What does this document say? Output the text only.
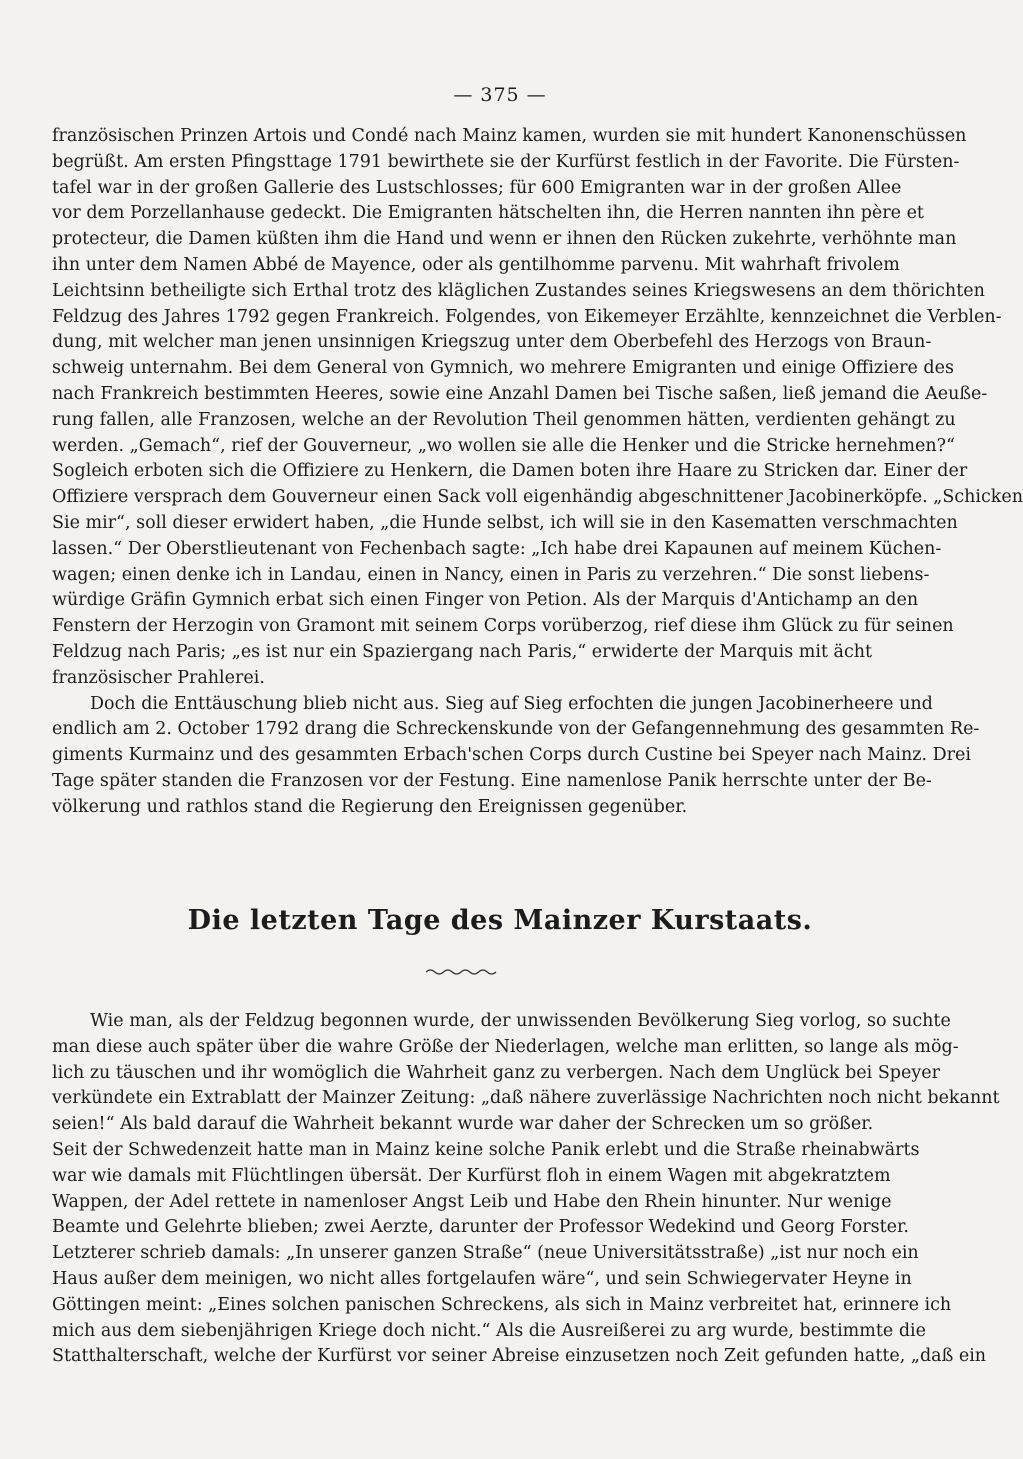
— 375 —
französischen Prinzen Artois und Condé nach Mainz kamen, wurden sie mit hundert Kanonenschüssen
begrüßt. Am ersten Pfingsttage 1791 bewirthete sie der Kurfürst festlich in der Favorite. Die Fürsten-
tafel war in der großen Gallerie des Lustschlosses; für 600 Emigranten war in der großen Allee
vor dem Porzellanhause gedeckt. Die Emigranten hätschelten ihn, die Herren nannten ihn père et
protecteur, die Damen küßten ihm die Hand und wenn er ihnen den Rücken zukehrte, verhöhnte man
ihn unter dem Namen Abbé de Mayence, oder als gentilhomme parvenu. Mit wahrhaft frivolem
Leichtsinn betheiligte sich Erthal trotz des kläglichen Zustandes seines Kriegswesens an dem thörichten
Feldzug des Jahres 1792 gegen Frankreich. Folgendes, von Eikemeyer Erzählte, kennzeichnet die Verblen-
dung, mit welcher man jenen unsinnigen Kriegszug unter dem Oberbefehl des Herzogs von Braun-
schweig unternahm. Bei dem General von Gymnich, wo mehrere Emigranten und einige Offiziere des
nach Frankreich bestimmten Heeres, sowie eine Anzahl Damen bei Tische saßen, ließ jemand die Aeuße-
rung fallen, alle Franzosen, welche an der Revolution Theil genommen hätten, verdienten gehängt zu
werden. „Gemach“, rief der Gouverneur, „wo wollen sie alle die Henker und die Stricke hernehmen?“
Sogleich erboten sich die Offiziere zu Henkern, die Damen boten ihre Haare zu Stricken dar. Einer der
Offiziere versprach dem Gouverneur einen Sack voll eigenhändig abgeschnittener Jacobinerköpfe. „Schicken
Sie mir“, soll dieser erwidert haben, „die Hunde selbst, ich will sie in den Kasematten verschmachten
lassen.“ Der Oberstlieutenant von Fechenbach sagte: „Ich habe drei Kapaunen auf meinem Küchen-
wagen; einen denke ich in Landau, einen in Nancy, einen in Paris zu verzehren.“ Die sonst liebens-
würdige Gräfin Gymnich erbat sich einen Finger von Petion. Als der Marquis d'Antichamp an den
Fenstern der Herzogin von Gramont mit seinem Corps vorüberzog, rief diese ihm Glück zu für seinen
Feldzug nach Paris; „es ist nur ein Spaziergang nach Paris,“ erwiderte der Marquis mit ächt
französischer Prahlerei.
Doch die Enttäuschung blieb nicht aus. Sieg auf Sieg erfochten die jungen Jacobinerheere und
endlich am 2. October 1792 drang die Schreckenskunde von der Gefangennehmung des gesammten Re-
giments Kurmainz und des gesammten Erbach'schen Corps durch Custine bei Speyer nach Mainz. Drei
Tage später standen die Franzosen vor der Festung. Eine namenlose Panik herrschte unter der Be-
völkerung und rathlos stand die Regierung den Ereignissen gegenüber.
Die letzten Tage des Mainzer Kurstaats.
Wie man, als der Feldzug begonnen wurde, der unwissenden Bevölkerung Sieg vorlog, so suchte
man diese auch später über die wahre Größe der Niederlagen, welche man erlitten, so lange als mög-
lich zu täuschen und ihr womöglich die Wahrheit ganz zu verbergen. Nach dem Unglück bei Speyer
verkündete ein Extrablatt der Mainzer Zeitung: „daß nähere zuverlässige Nachrichten noch nicht bekannt
seien!“ Als bald darauf die Wahrheit bekannt wurde war daher der Schrecken um so größer.
Seit der Schwedenzeit hatte man in Mainz keine solche Panik erlebt und die Straße rheinabwärts
war wie damals mit Flüchtlingen übersät. Der Kurfürst floh in einem Wagen mit abgekratztem
Wappen, der Adel rettete in namenloser Angst Leib und Habe den Rhein hinunter. Nur wenige
Beamte und Gelehrte blieben; zwei Aerzte, darunter der Professor Wedekind und Georg Forster.
Letzterer schrieb damals: „In unserer ganzen Straße“ (neue Universitätsstraße) „ist nur noch ein
Haus außer dem meinigen, wo nicht alles fortgelaufen wäre“, und sein Schwiegervater Heyne in
Göttingen meint: „Eines solchen panischen Schreckens, als sich in Mainz verbreitet hat, erinnere ich
mich aus dem siebenjährigen Kriege doch nicht.“ Als die Ausreißerei zu arg wurde, bestimmte die
Statthalterschaft, welche der Kurfürst vor seiner Abreise einzusetzen noch Zeit gefunden hatte, „daß ein
